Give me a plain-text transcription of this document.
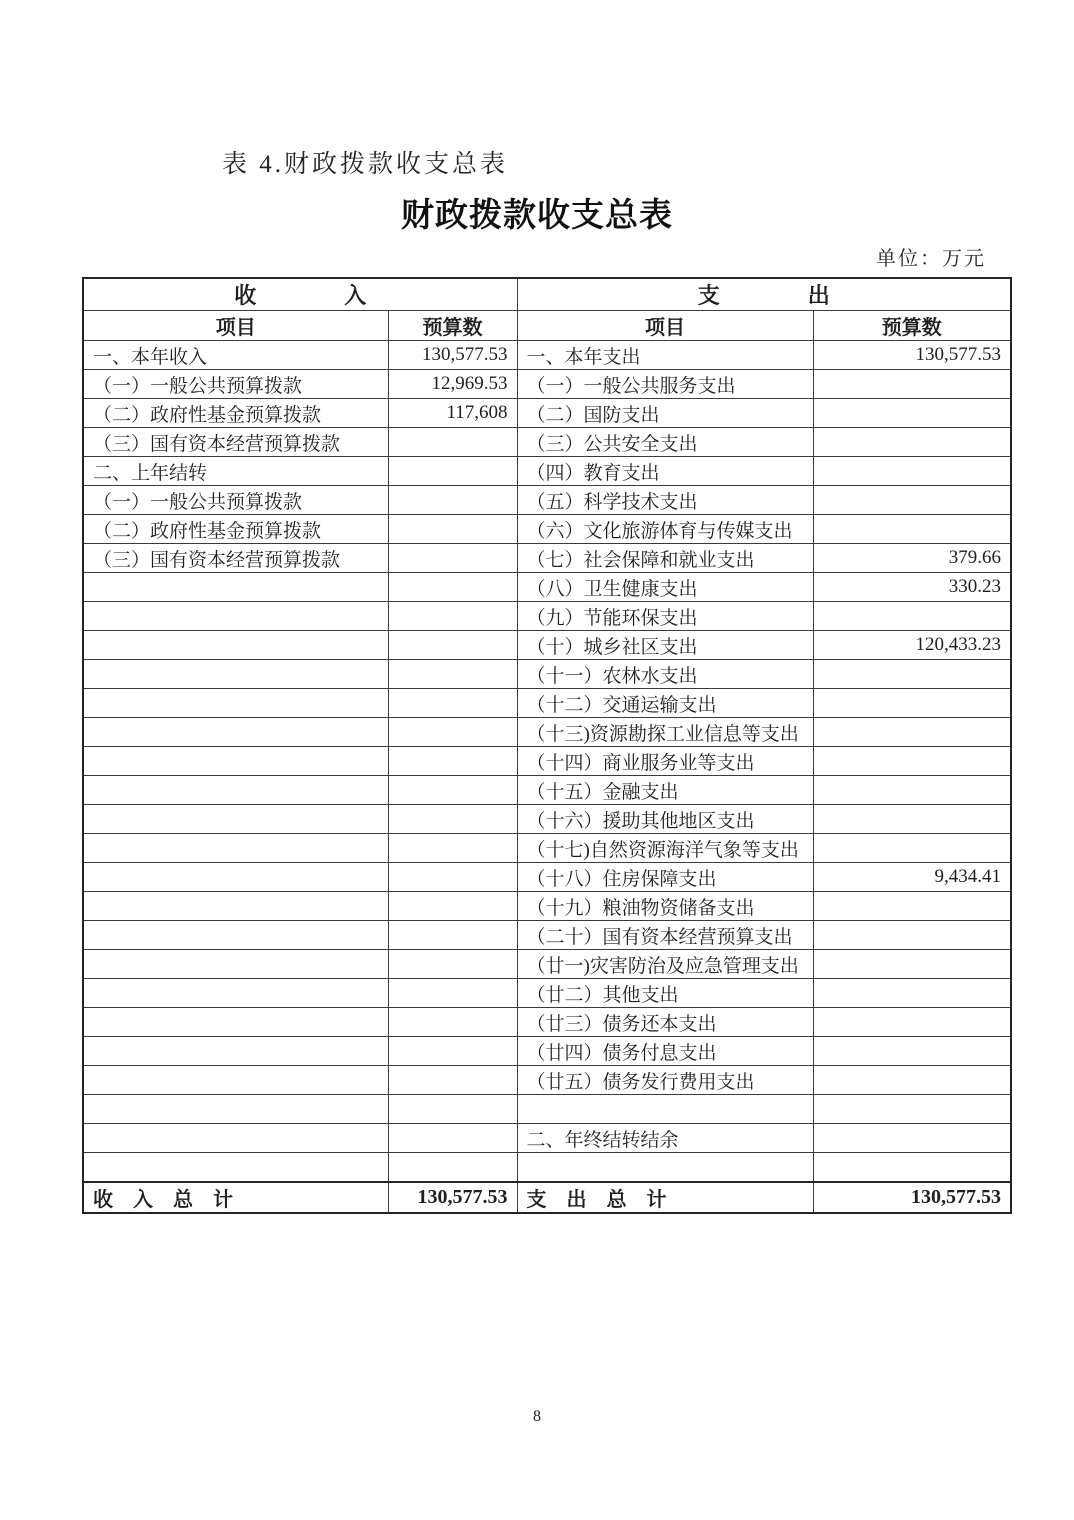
表 4.财政拨款收支总表
财政拨款收支总表
单位：万元
收　　　　入		支　　　　出	
项目	预算数	项目	预算数
一、本年收入	130,577.53	一、本年支出	130,577.53
（一）一般公共预算拨款	12,969.53	（一）一般公共服务支出	
（二）政府性基金预算拨款	117,608	（二）国防支出	
（三）国有资本经营预算拨款		（三）公共安全支出	
二、上年结转		（四）教育支出	
（一）一般公共预算拨款		（五）科学技术支出	
（二）政府性基金预算拨款		（六）文化旅游体育与传媒支出	
（三）国有资本经营预算拨款		（七）社会保障和就业支出	379.66
		（八）卫生健康支出	330.23
		（九）节能环保支出	
		（十）城乡社区支出	120,433.23
		（十一）农林水支出	
		（十二）交通运输支出	
		（十三)资源勘探工业信息等支出	
		（十四）商业服务业等支出	
		（十五）金融支出	
		（十六）援助其他地区支出	
		（十七)自然资源海洋气象等支出	
		（十八）住房保障支出	9,434.41
		（十九）粮油物资储备支出	
		（二十）国有资本经营预算支出	
		（廿一)灾害防治及应急管理支出	
		（廿二）其他支出	
		（廿三）债务还本支出	
		（廿四）债务付息支出	
		（廿五）债务发行费用支出	

		二、年终结转结余	

收　入　总　计	130,577.53	支　出　总　计	130,577.53
8
